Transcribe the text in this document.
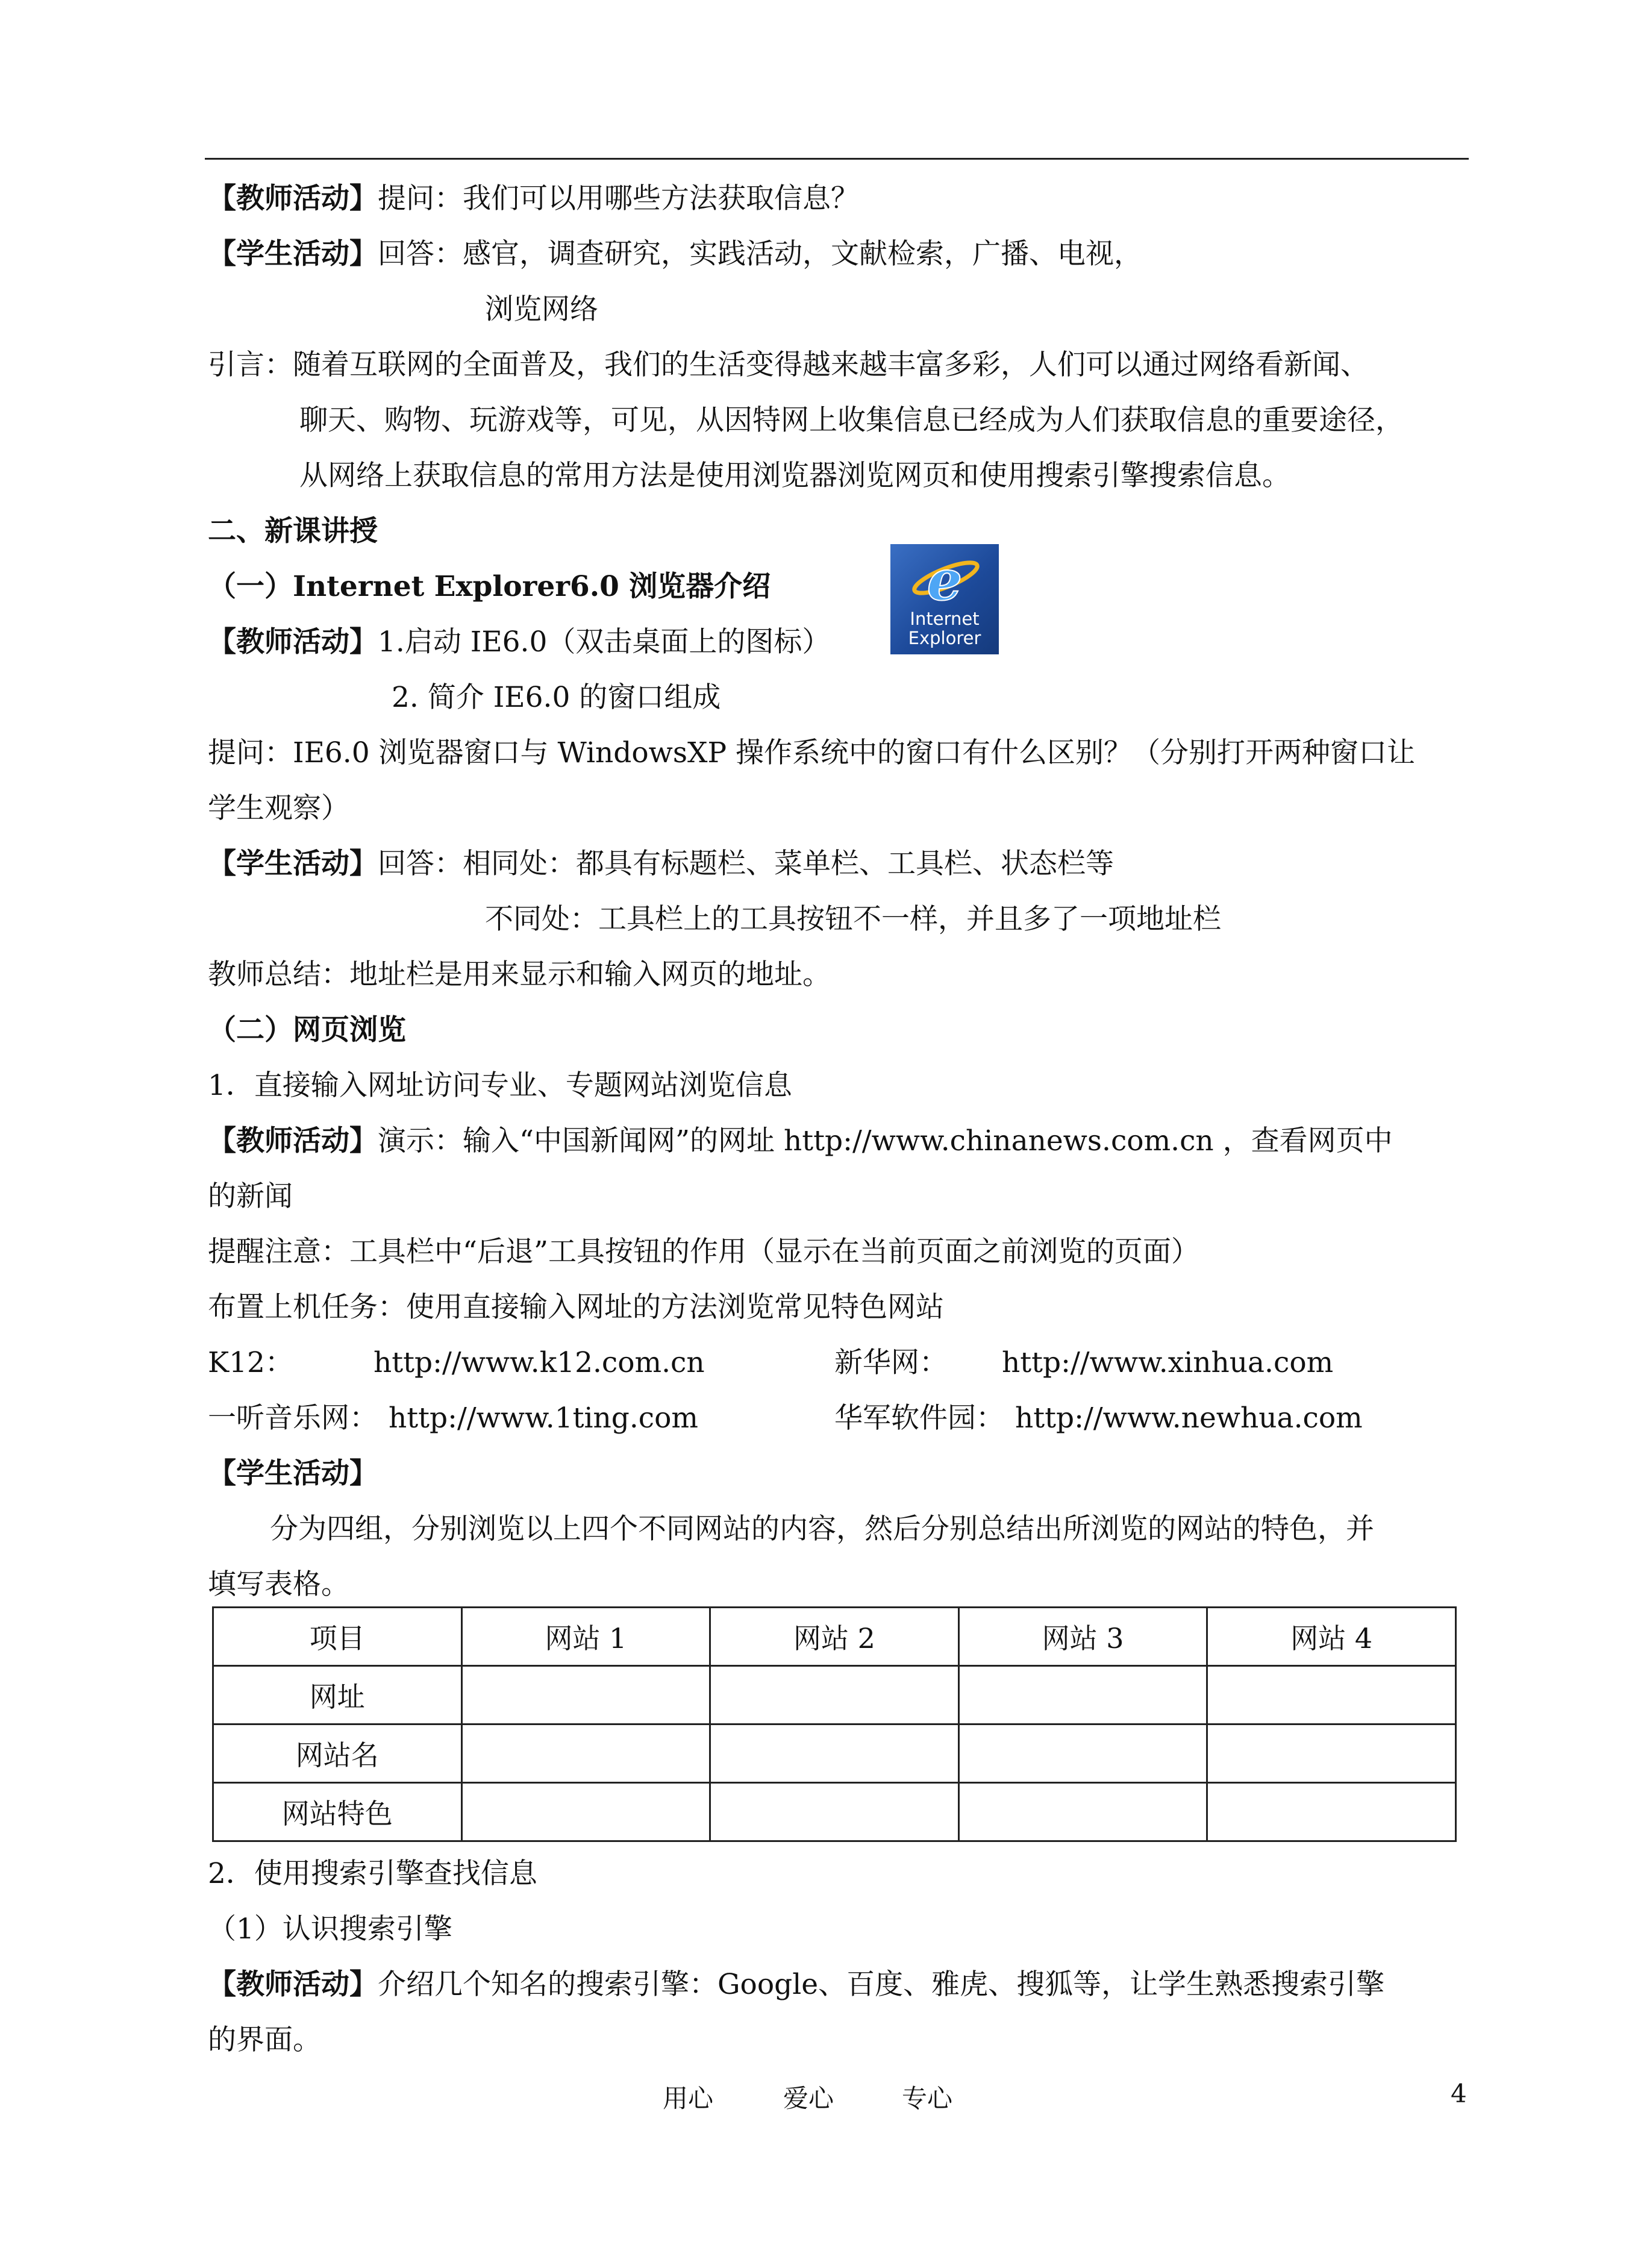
【教师活动】提问：我们可以用哪些方法获取信息？
【学生活动】回答：感官，调查研究，实践活动，文献检索，广播、电视，
浏览网络
引言：随着互联网的全面普及，我们的生活变得越来越丰富多彩，人们可以通过网络看新闻、
聊天、购物、玩游戏等，可见，从因特网上收集信息已经成为人们获取信息的重要途径，
从网络上获取信息的常用方法是使用浏览器浏览网页和使用搜索引擎搜索信息。
二、新课讲授
（一）Internet Explorer6.0 浏览器介绍	e
Internet
Explorer
【教师活动】1.启动 IE6.0（双击桌面上的图标）
2. 简介 IE6.0 的窗口组成
提问：IE6.0 浏览器窗口与 WindowsXP 操作系统中的窗口有什么区别？（分别打开两种窗口让
学生观察）
【学生活动】回答：相同处：都具有标题栏、菜单栏、工具栏、状态栏等
不同处：工具栏上的工具按钮不一样，并且多了一项地址栏
教师总结：地址栏是用来显示和输入网页的地址。
（二）网页浏览
1．直接输入网址访问专业、专题网站浏览信息
【教师活动】演示：输入“中国新闻网”的网址 http://www.chinanews.com.cn ，查看网页中
的新闻
提醒注意：工具栏中“后退”工具按钮的作用（显示在当前页面之前浏览的页面）
布置上机任务：使用直接输入网址的方法浏览常见特色网站
K12：	http://www.k12.com.cn	新华网： http://www.xinhua.com
一听音乐网： http://www.1ting.com	华军软件园： http://www.newhua.com
【学生活动】
分为四组，分别浏览以上四个不同网站的内容，然后分别总结出所浏览的网站的特色，并
填写表格。
项目	网站 1	网站 2	网站 3	网站 4
网址				
网站名				
网站特色				
2．使用搜索引擎查找信息
（1）认识搜索引擎
【教师活动】介绍几个知名的搜索引擎：Google、百度、雅虎、搜狐等，让学生熟悉搜索引擎
的界面。
用心	爱心	专心	4
